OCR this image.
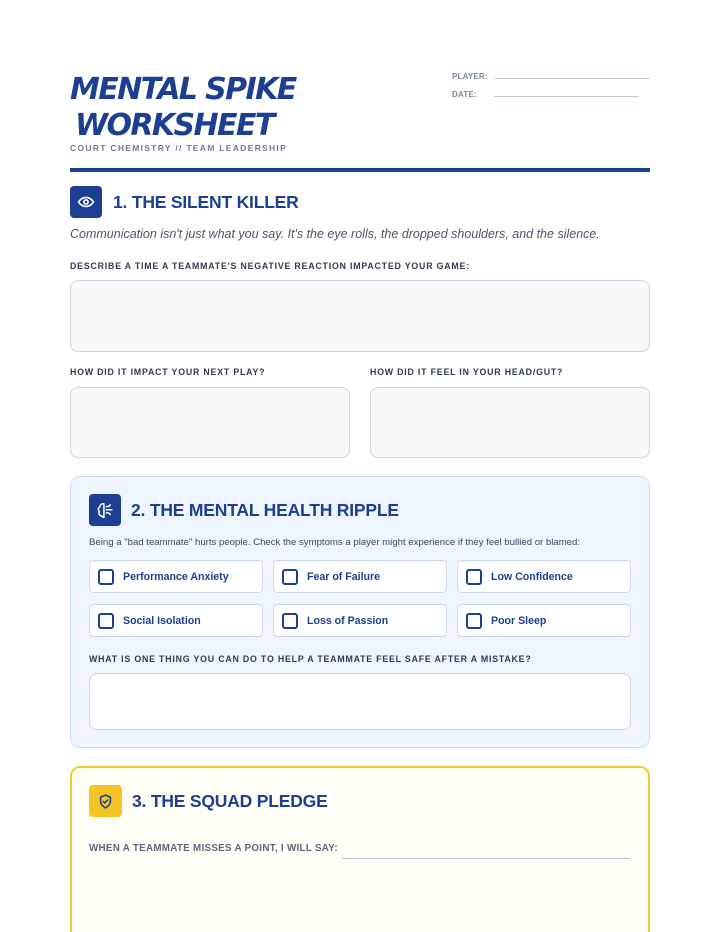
MENTAL SPIKE
WORKSHEET
COURT CHEMISTRY // TEAM LEADERSHIP
PLAYER:
DATE:
1. THE SILENT KILLER
Communication isn't just what you say. It's the eye rolls, the dropped shoulders, and the silence.
DESCRIBE A TIME A TEAMMATE'S NEGATIVE REACTION IMPACTED YOUR GAME:
HOW DID IT IMPACT YOUR NEXT PLAY?	HOW DID IT FEEL IN YOUR HEAD/GUT?
2. THE MENTAL HEALTH RIPPLE
Being a "bad teammate" hurts people. Check the symptoms a player might experience if they feel bullied or blamed:
Performance Anxiety	Fear of Failure	Low Confidence
Social Isolation	Loss of Passion	Poor Sleep
WHAT IS ONE THING YOU CAN DO TO HELP A TEAMMATE FEEL SAFE AFTER A MISTAKE?
3. THE SQUAD PLEDGE
WHEN A TEAMMATE MISSES A POINT, I WILL SAY:
